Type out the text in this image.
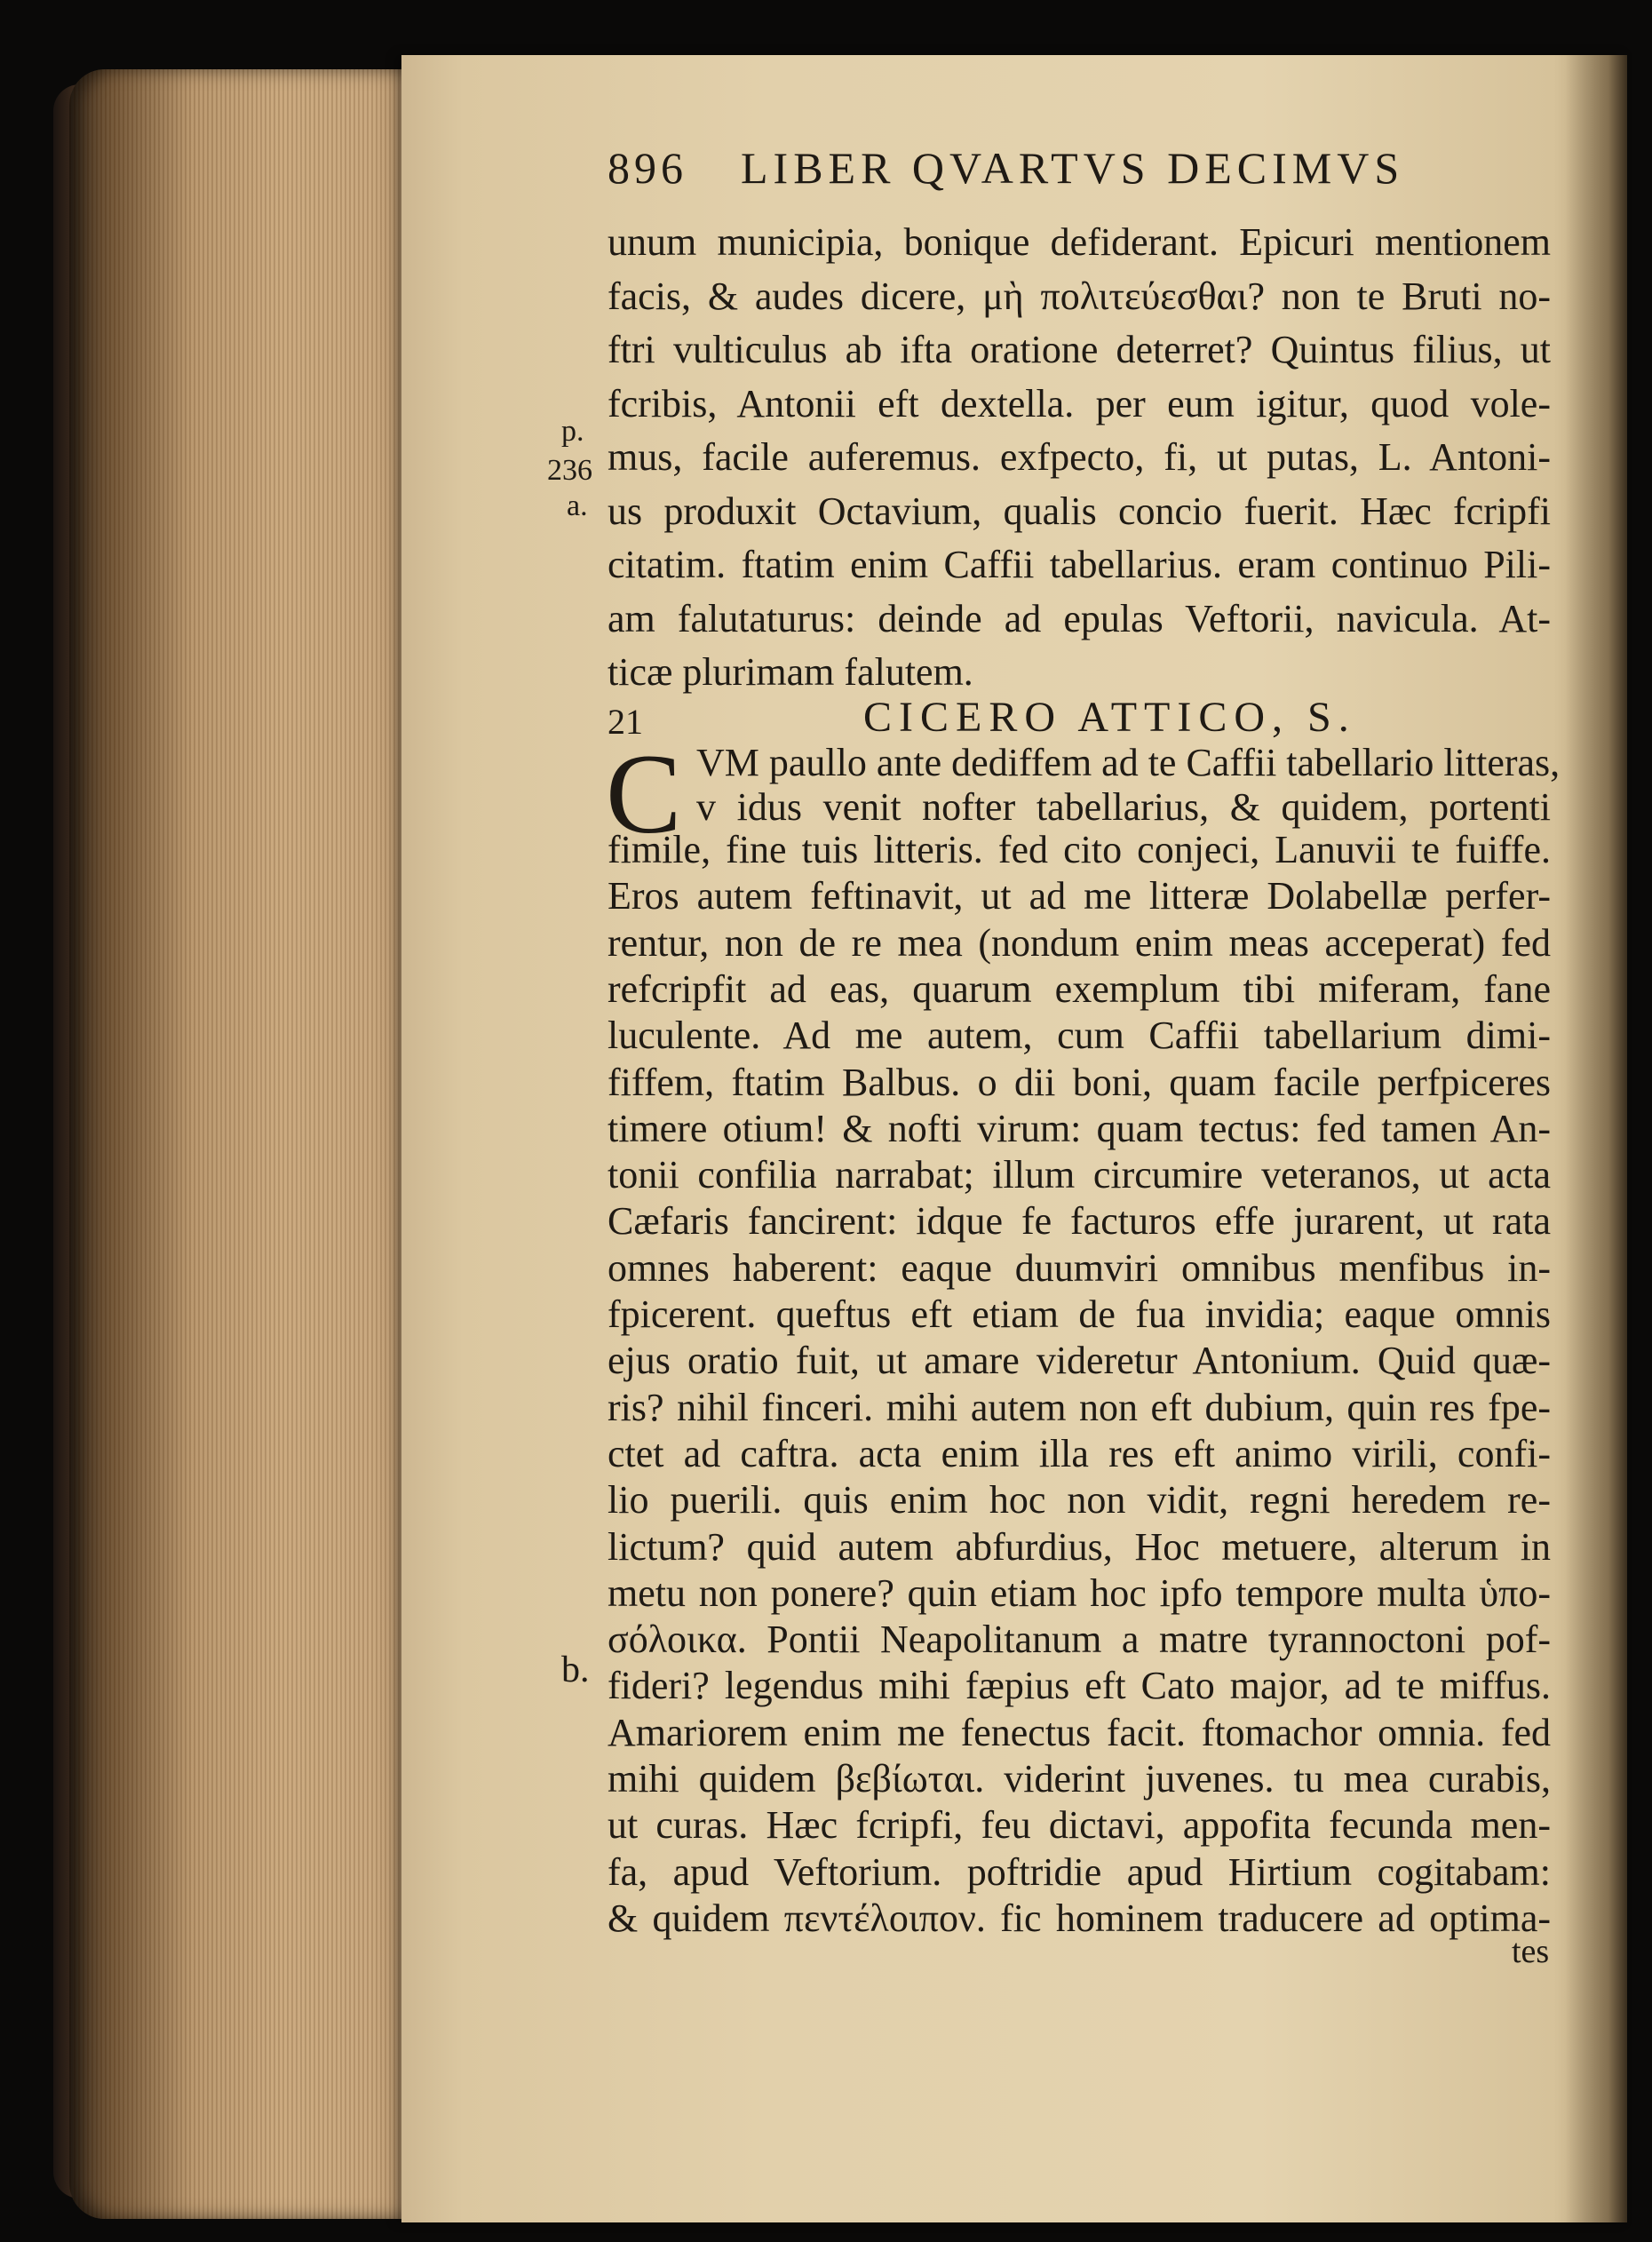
896 LIBER QVARTVS DECIMVS
unum municipia, bonique defiderant. Epicuri mentionem
facis, & audes dicere, μὴ πολιτεύεσθαι? non te Bruti no-
ftri vulticulus ab ifta oratione deterret? Quintus filius, ut
fcribis, Antonii eft dextella. per eum igitur, quod vole-
mus, facile auferemus. exfpecto, fi, ut putas, L. Antoni-
us produxit Octavium, qualis concio fuerit. Hæc fcripfi
citatim. ftatim enim Caffii tabellarius. eram continuo Pili-
am falutaturus: deinde ad epulas Veftorii, navicula. At-
ticæ plurimam falutem.
p.
236
a.
b.
21	CICERO ATTICO, S.
C VM paullo ante dediffem ad te Caffii tabellario litteras,
v idus venit nofter tabellarius, & quidem, portenti
fimile, fine tuis litteris. fed cito conjeci, Lanuvii te fuiffe.
Eros autem feftinavit, ut ad me litteræ Dolabellæ perfer-
rentur, non de re mea (nondum enim meas acceperat) fed
refcripfit ad eas, quarum exemplum tibi miferam, fane
luculente. Ad me autem, cum Caffii tabellarium dimi-
fiffem, ftatim Balbus. o dii boni, quam facile perfpiceres
timere otium! & nofti virum: quam tectus: fed tamen An-
tonii confilia narrabat; illum circumire veteranos, ut acta
Cæfaris fancirent: idque fe facturos effe jurarent, ut rata
omnes haberent: eaque duumviri omnibus menfibus in-
fpicerent. queftus eft etiam de fua invidia; eaque omnis
ejus oratio fuit, ut amare videretur Antonium. Quid quæ-
ris? nihil finceri. mihi autem non eft dubium, quin res fpe-
ctet ad caftra. acta enim illa res eft animo virili, confi-
lio puerili. quis enim hoc non vidit, regni heredem re-
lictum? quid autem abfurdius, Hoc metuere, alterum in
metu non ponere? quin etiam hoc ipfo tempore multa ὑπο-
σόλοικα. Pontii Neapolitanum a matre tyrannoctoni pof-
fideri? legendus mihi fæpius eft Cato major, ad te miffus.
Amariorem enim me fenectus facit. ftomachor omnia. fed
mihi quidem βεβίωται. viderint juvenes. tu mea curabis,
ut curas. Hæc fcripfi, feu dictavi, appofita fecunda men-
fa, apud Veftorium. poftridie apud Hirtium cogitabam:
& quidem πεντέλοιπον. fic hominem traducere ad optima-
tes
